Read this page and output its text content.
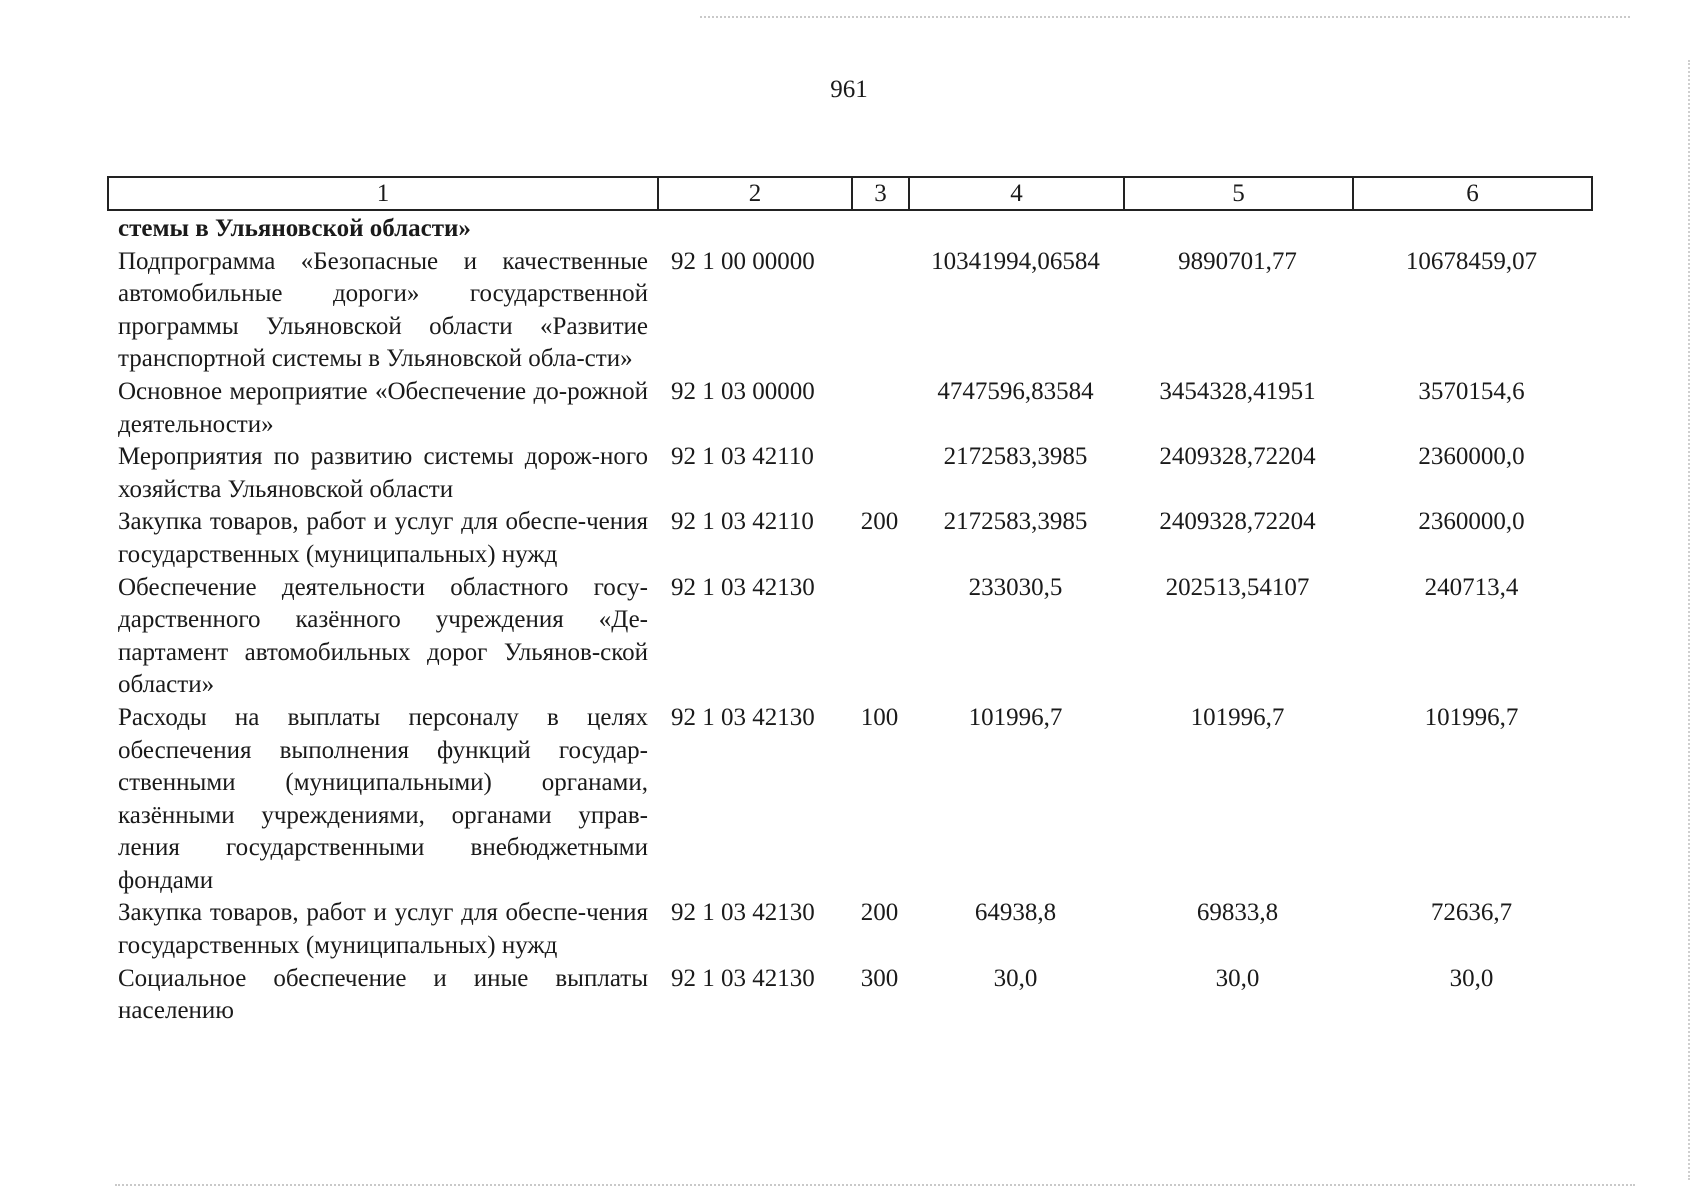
961
1	2	3	4	5	6
стемы в Ульяновской области»					
Подпрограмма «Безопасные и качественные автомобильные дороги» государственной программы Ульяновской области «Развитие транспортной системы в Ульяновской обла-сти»	92 1 00 00000		10341994,06584	9890701,77	10678459,07
Основное мероприятие «Обеспечение до-рожной деятельности»	92 1 03 00000		4747596,83584	3454328,41951	3570154,6
Мероприятия по развитию системы дорож-ного хозяйства Ульяновской области	92 1 03 42110		2172583,3985	2409328,72204	2360000,0
Закупка товаров, работ и услуг для обеспе-чения государственных (муниципальных) нужд	92 1 03 42110	200	2172583,3985	2409328,72204	2360000,0
Обеспечение деятельности областного госу-дарственного казённого учреждения «Де-партамент автомобильных дорог Ульянов-ской области»	92 1 03 42130		233030,5	202513,54107	240713,4
Расходы на выплаты персоналу в целях обеспечения выполнения функций государ-ственными (муниципальными) органами, казёнными учреждениями, органами управ-ления государственными внебюджетными фондами	92 1 03 42130	100	101996,7	101996,7	101996,7
Закупка товаров, работ и услуг для обеспе-чения государственных (муниципальных) нужд	92 1 03 42130	200	64938,8	69833,8	72636,7
Социальное обеспечение и иные выплаты населению	92 1 03 42130	300	30,0	30,0	30,0
